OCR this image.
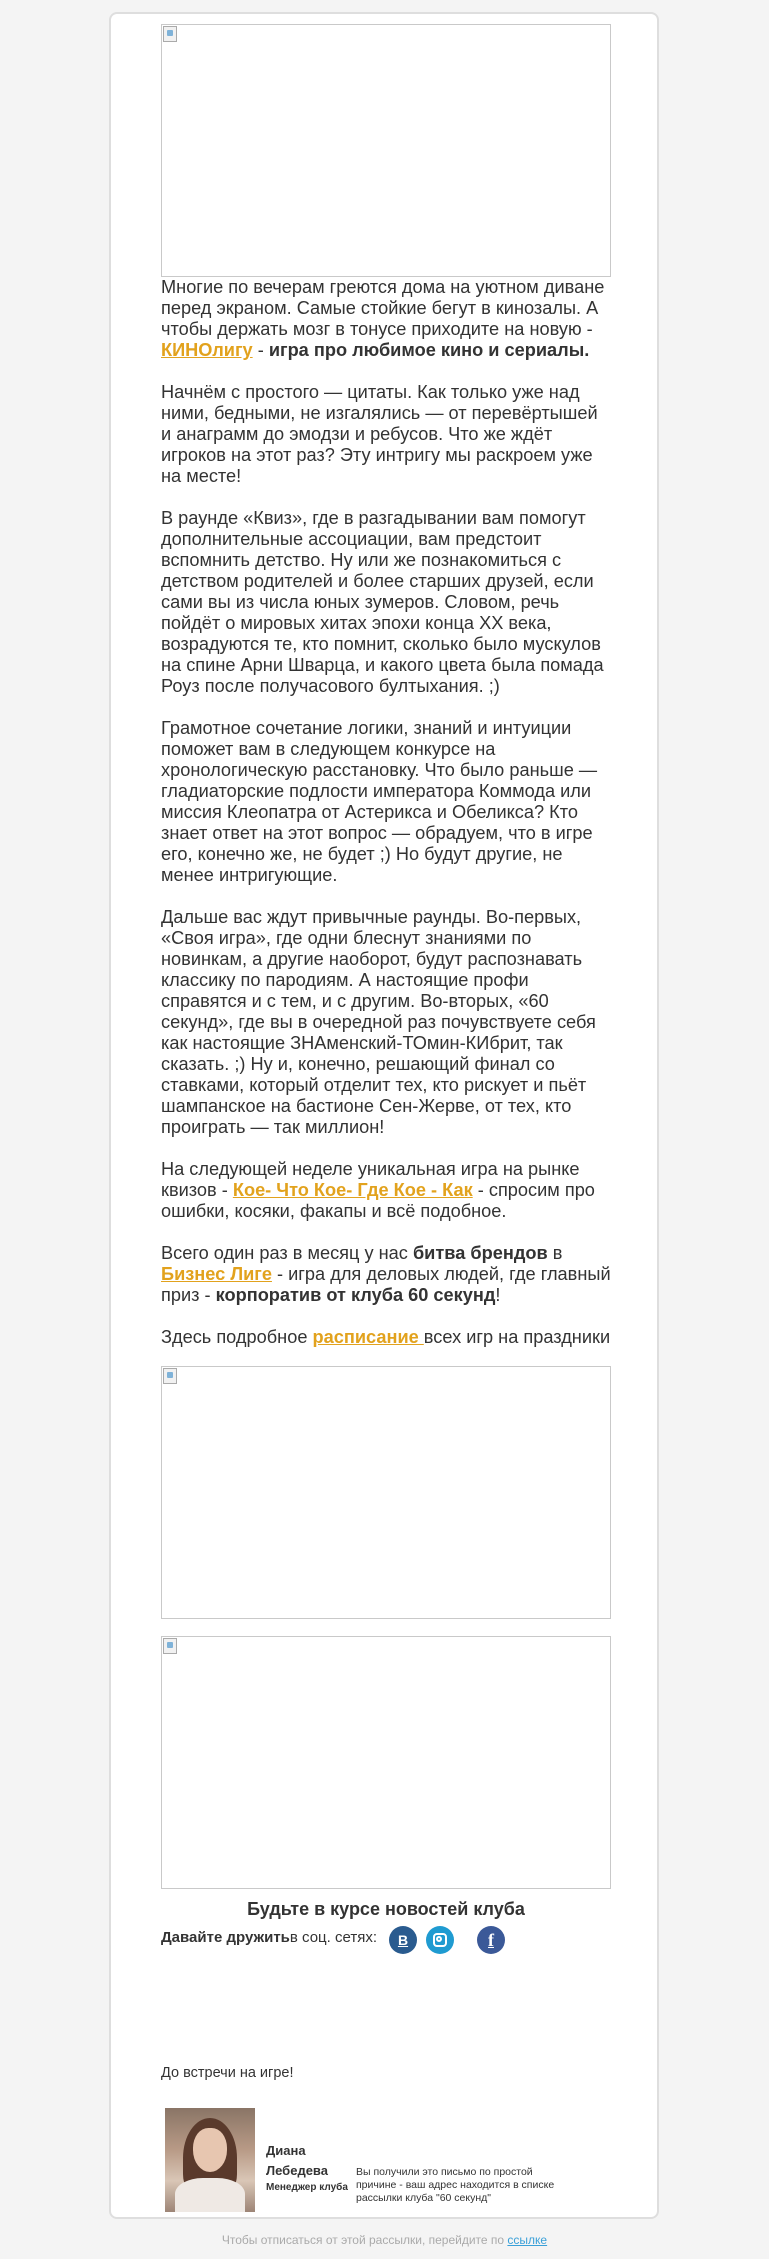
Многие по вечерам греются дома на уютном диване перед экраном. Самые стойкие бегут в кинозалы. А чтобы держать мозг в тонусе приходите на новую - КИНОлигу - игра про любимое кино и сериалы.

Начнём с простого — цитаты. Как только уже над ними, бедными, не изгалялись — от перевёртышей и анаграмм до эмодзи и ребусов. Что же ждёт игроков на этот раз? Эту интригу мы раскроем уже на месте!

В раунде «Квиз», где в разгадывании вам помогут дополнительные ассоциации, вам предстоит вспомнить детство. Ну или же познакомиться с детством родителей и более старших друзей, если сами вы из числа юных зумеров. Словом, речь пойдёт о мировых хитах эпохи конца XX века, возрадуются те, кто помнит, сколько было мускулов на спине Арни Шварца, и какого цвета была помада Роуз после получасового бултыхания. ;)

Грамотное сочетание логики, знаний и интуиции поможет вам в следующем конкурсе на хронологическую расстановку. Что было раньше — гладиаторские подлости императора Коммода или миссия Клеопатра от Астерикса и Обеликса? Кто знает ответ на этот вопрос — обрадуем, что в игре его, конечно же, не будет ;) Но будут другие, не менее интригующие.

Дальше вас ждут привычные раунды. Во-первых, «Своя игра», где одни блеснут знаниями по новинкам, а другие наоборот, будут распознавать классику по пародиям. А настоящие профи справятся и с тем, и с другим. Во-вторых, «60 секунд», где вы в очередной раз почувствуете себя как настоящие ЗНАменский-ТОмин-КИбрит, так сказать. ;) Ну и, конечно, решающий финал со ставками, который отделит тех, кто рискует и пьёт шампанское на бастионе Сен-Жерве, от тех, кто проиграть — так миллион!

На следующей неделе уникальная игра на рынке квизов - Кое- Что Кое- Где Кое - Как - спросим про ошибки, косяки, факапы и всё подобное.

Всего один раз в месяц у нас битва брендов в Бизнес Лиге - игра для деловых людей, где главный приз - корпоратив от клуба 60 секунд!

Здесь подробное расписание всех игр на праздники

Будьте в курсе новостей клуба
Давайте дружить в соц. сетях: В	f
До встречи на игре!
Диана Лебедева
Менеджер клуба
Вы получили это письмо по простой причине - ваш адрес находится в списке рассылки клуба "60 секунд"
Чтобы отписаться от этой рассылки, перейдите по ссылке
